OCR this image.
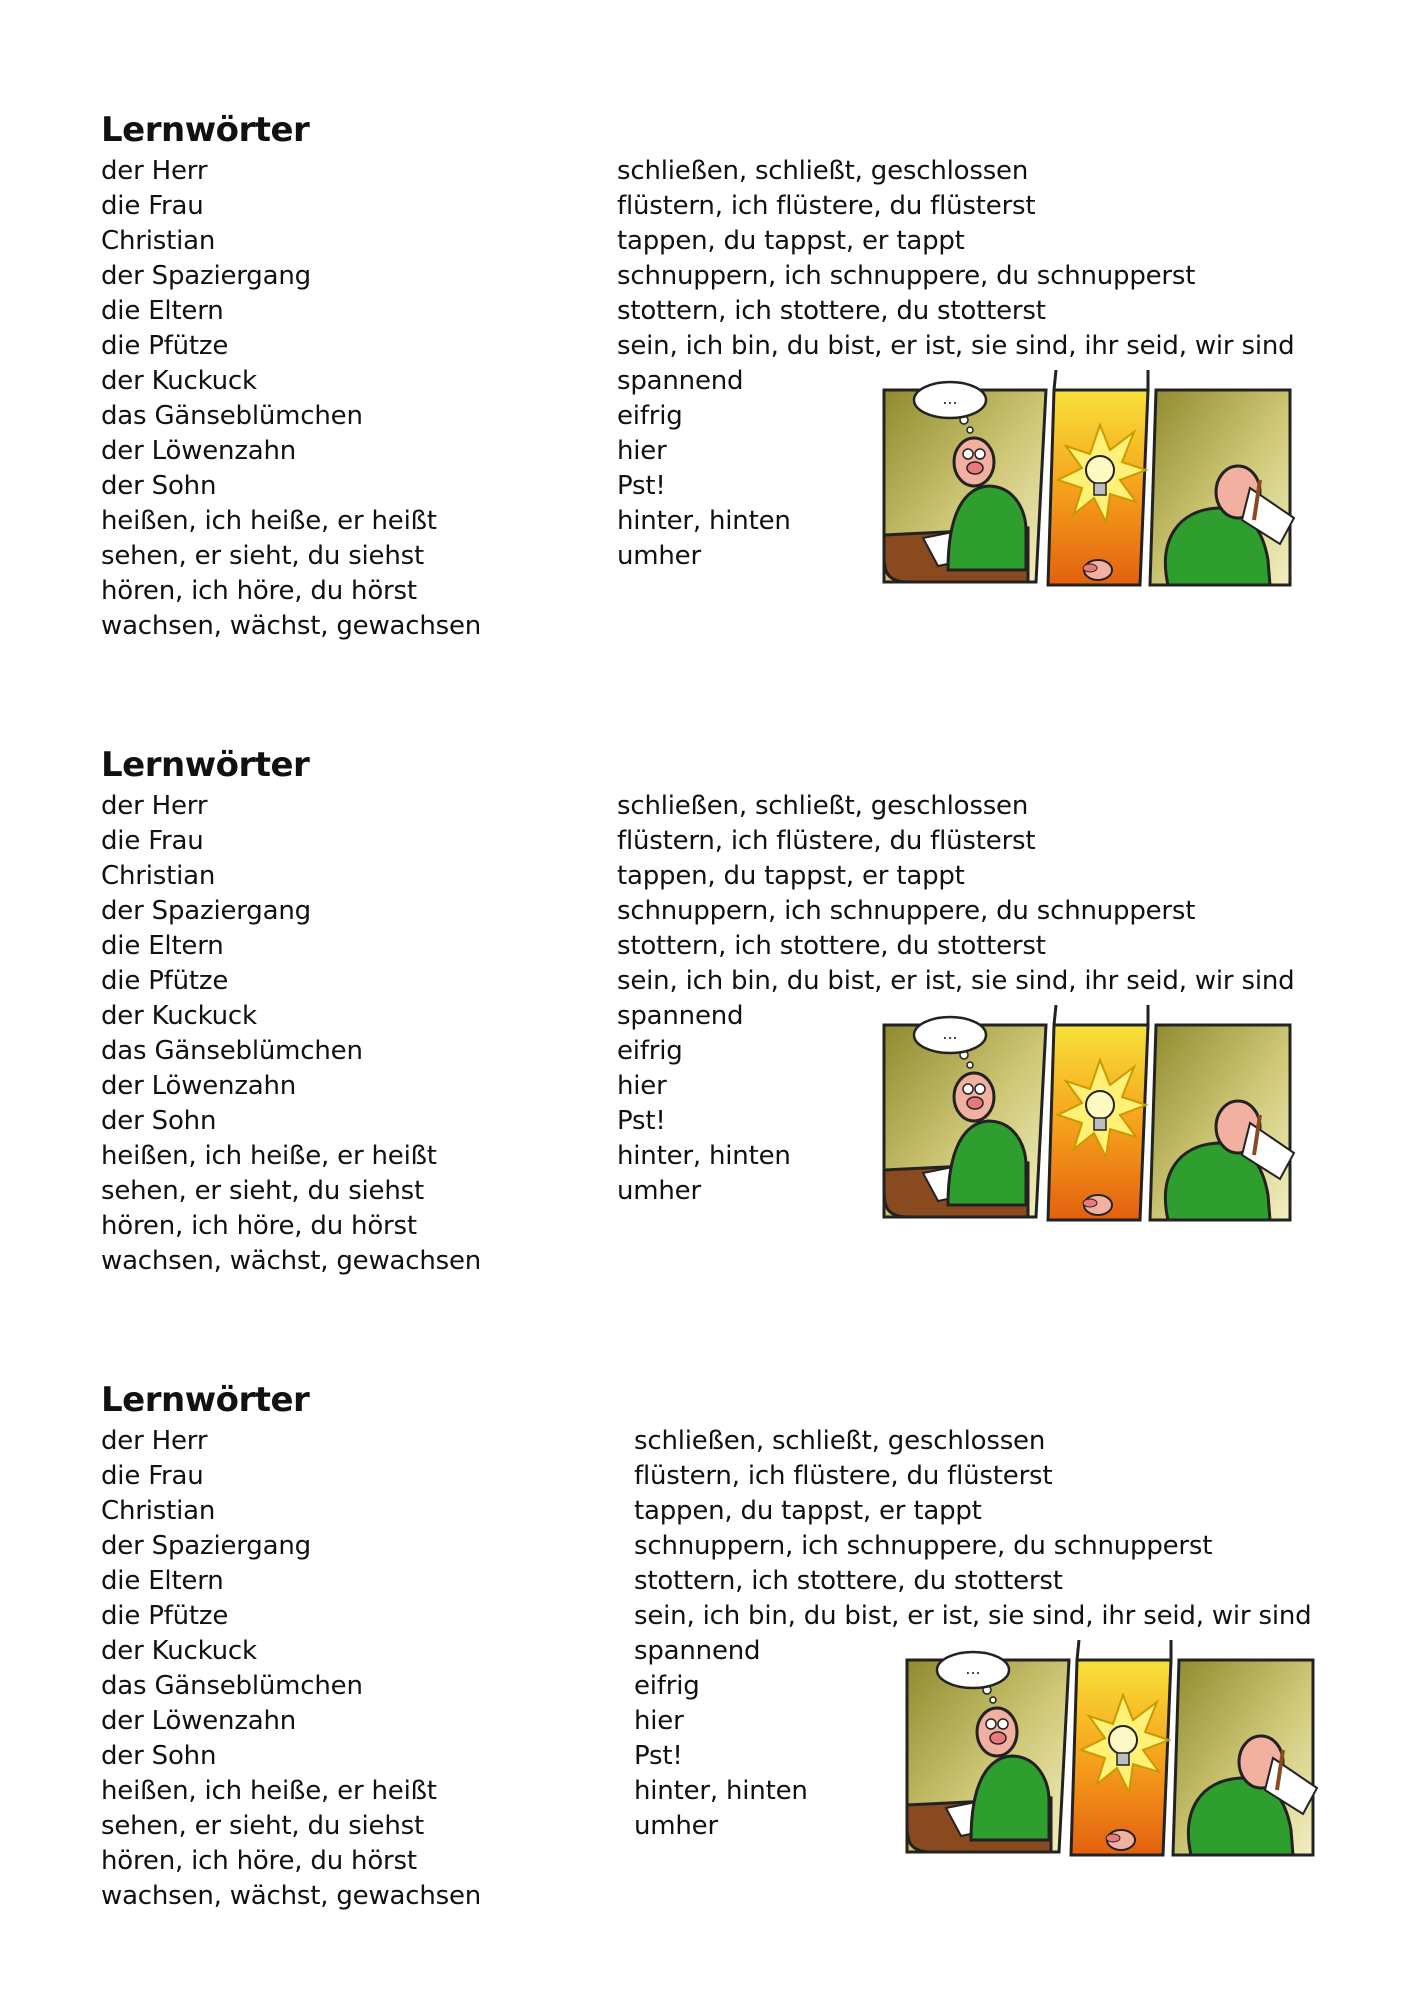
Lernwörter
der Herr
die Frau
Christian
der Spaziergang
die Eltern
die Pfütze
der Kuckuck
das Gänseblümchen
der Löwenzahn
der Sohn
heißen, ich heiße, er heißt
sehen, er sieht, du siehst
hören, ich höre, du hörst
wachsen, wächst, gewachsen
schließen, schließt, geschlossen
flüstern, ich flüstere, du flüsterst
tappen, du tappst, er tappt
schnuppern, ich schnuppere, du schnupperst
stottern, ich stottere, du stotterst
sein, ich bin, du bist, er ist, sie sind, ihr seid, wir sind
spannend
eifrig
hier
Pst!
hinter, hinten
umher
...
Lernwörter
der Herr
die Frau
Christian
der Spaziergang
die Eltern
die Pfütze
der Kuckuck
das Gänseblümchen
der Löwenzahn
der Sohn
heißen, ich heiße, er heißt
sehen, er sieht, du siehst
hören, ich höre, du hörst
wachsen, wächst, gewachsen
schließen, schließt, geschlossen
flüstern, ich flüstere, du flüsterst
tappen, du tappst, er tappt
schnuppern, ich schnuppere, du schnupperst
stottern, ich stottere, du stotterst
sein, ich bin, du bist, er ist, sie sind, ihr seid, wir sind
spannend
eifrig
hier
Pst!
hinter, hinten
umher
...
Lernwörter
der Herr
die Frau
Christian
der Spaziergang
die Eltern
die Pfütze
der Kuckuck
das Gänseblümchen
der Löwenzahn
der Sohn
heißen, ich heiße, er heißt
sehen, er sieht, du siehst
hören, ich höre, du hörst
wachsen, wächst, gewachsen
schließen, schließt, geschlossen
flüstern, ich flüstere, du flüsterst
tappen, du tappst, er tappt
schnuppern, ich schnuppere, du schnupperst
stottern, ich stottere, du stotterst
sein, ich bin, du bist, er ist, sie sind, ihr seid, wir sind
spannend
eifrig
hier
Pst!
hinter, hinten
umher
...
